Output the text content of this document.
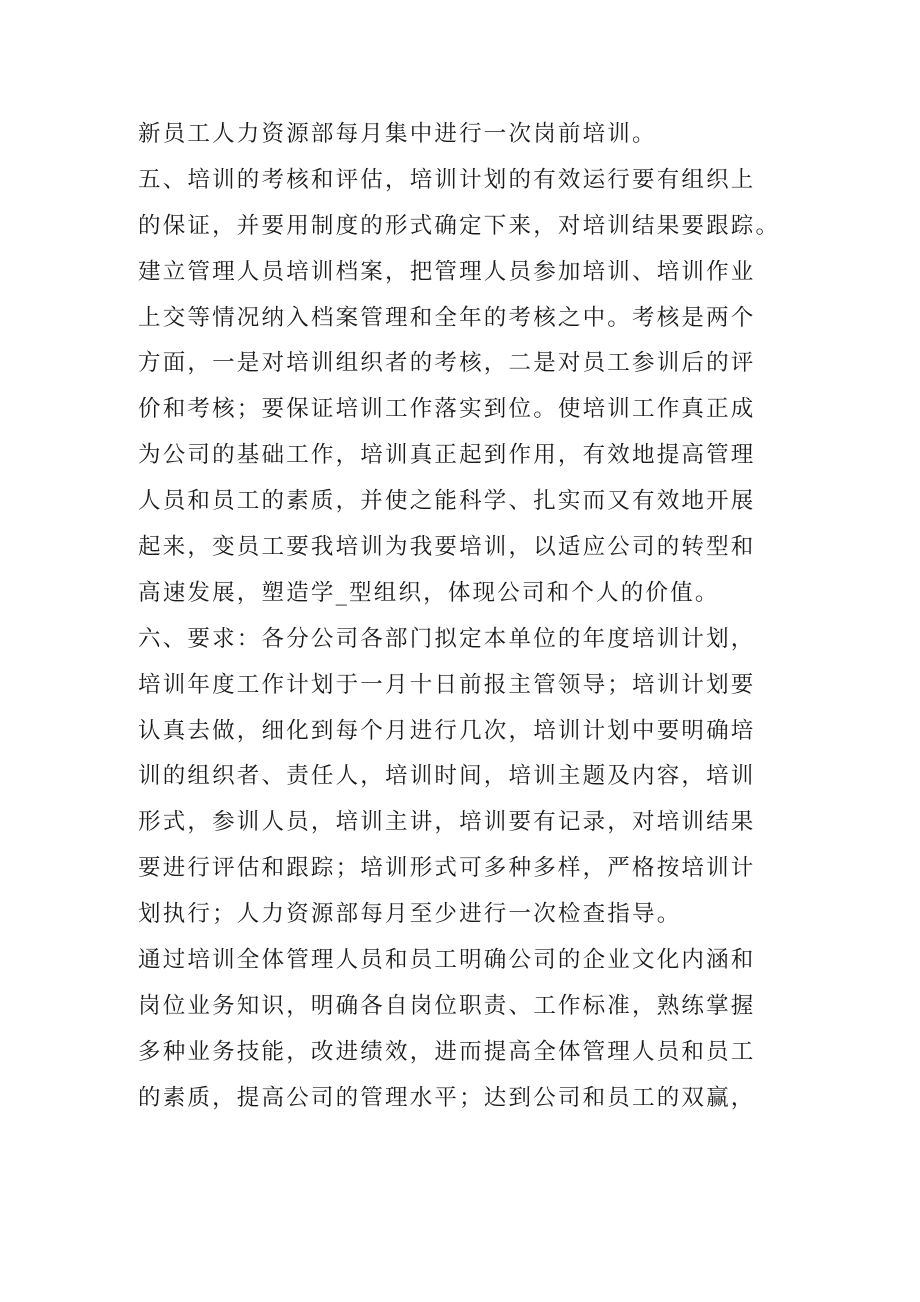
新员工人力资源部每月集中进行一次岗前培训。
五、培训的考核和评估，培训计划的有效运行要有组织上
的保证，并要用制度的形式确定下来，对培训结果要跟踪。
建立管理人员培训档案，把管理人员参加培训、培训作业
上交等情况纳入档案管理和全年的考核之中。考核是两个
方面，一是对培训组织者的考核，二是对员工参训后的评
价和考核；要保证培训工作落实到位。使培训工作真正成
为公司的基础工作，培训真正起到作用，有效地提高管理
人员和员工的素质，并使之能科学、扎实而又有效地开展
起来，变员工要我培训为我要培训，以适应公司的转型和
高速发展，塑造学_型组织，体现公司和个人的价值。
六、要求：各分公司各部门拟定本单位的年度培训计划，
培训年度工作计划于一月十日前报主管领导；培训计划要
认真去做，细化到每个月进行几次，培训计划中要明确培
训的组织者、责任人，培训时间，培训主题及内容，培训
形式，参训人员，培训主讲，培训要有记录，对培训结果
要进行评估和跟踪；培训形式可多种多样，严格按培训计
划执行；人力资源部每月至少进行一次检查指导。
通过培训全体管理人员和员工明确公司的企业文化内涵和
岗位业务知识，明确各自岗位职责、工作标准，熟练掌握
多种业务技能，改进绩效，进而提高全体管理人员和员工
的素质，提高公司的管理水平；达到公司和员工的双赢，
